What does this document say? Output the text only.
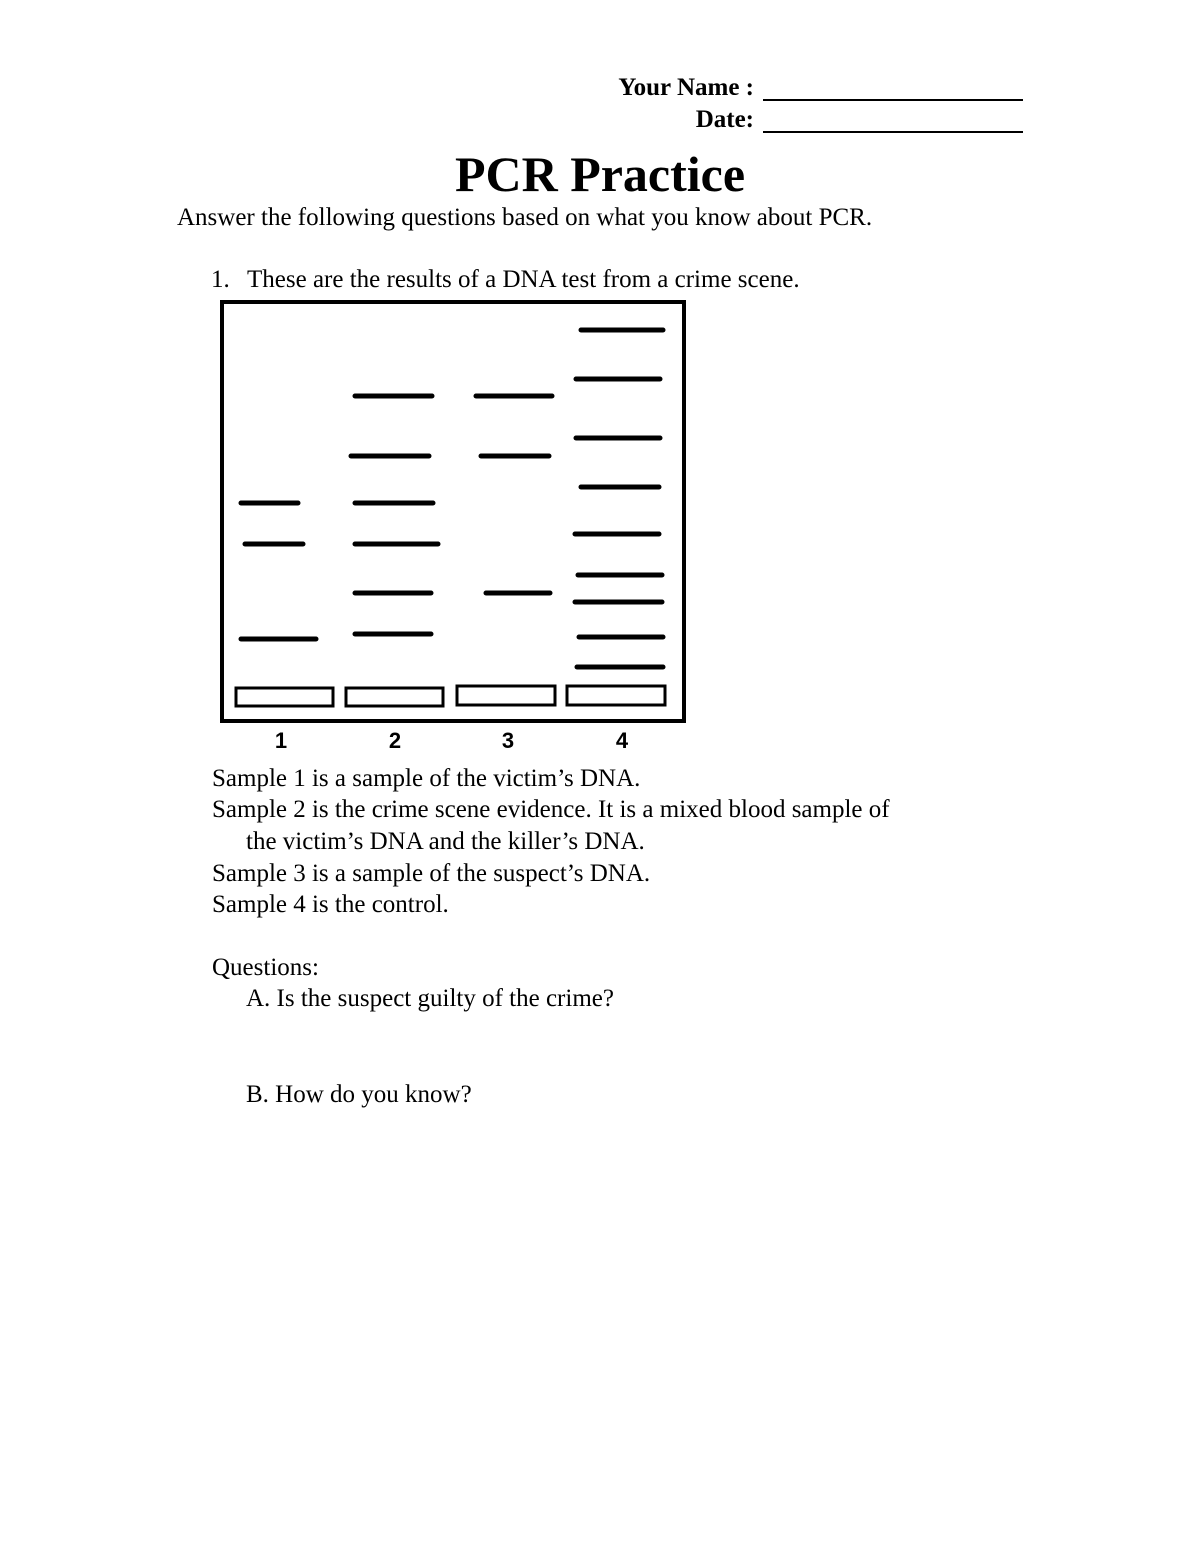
Your Name :
Date:
PCR Practice
Answer the following questions based on what you know about PCR.
1. These are the results of a DNA test from a crime scene.
1	2	3	4
Sample 1 is a sample of the victim’s DNA.
Sample 2 is the crime scene evidence. It is a mixed blood sample of
the victim’s DNA and the killer’s DNA.
Sample 3 is a sample of the suspect’s DNA.
Sample 4 is the control.
Questions:
A. Is the suspect guilty of the crime?
B. How do you know?
